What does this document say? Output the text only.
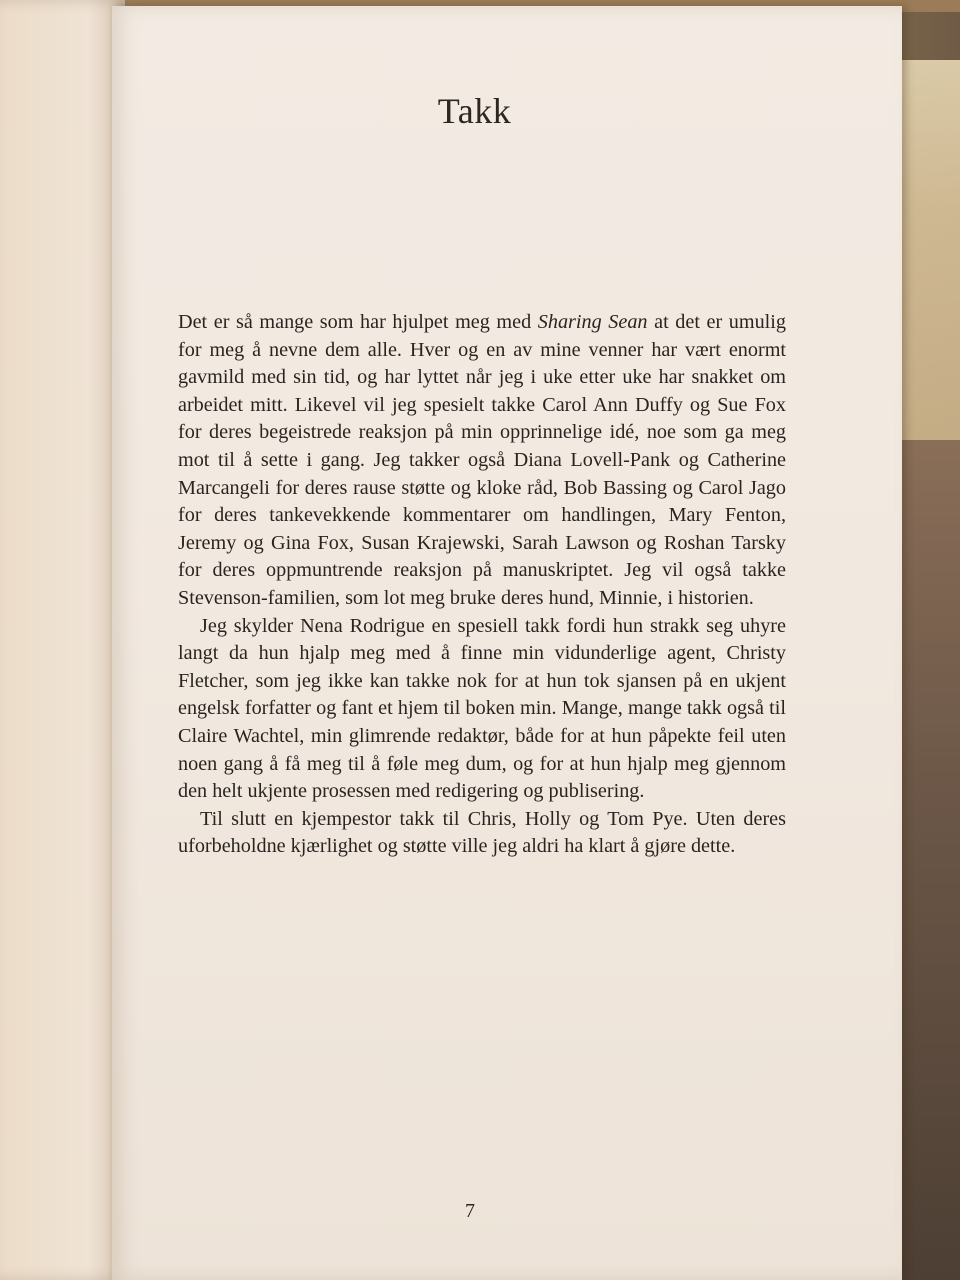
Takk

Det er så mange som har hjulpet meg med Sharing Sean at det er umulig for meg å nevne dem alle. Hver og en av mine venner har vært enormt gavmild med sin tid, og har lyttet når jeg i uke etter uke har snakket om arbeidet mitt. Likevel vil jeg spesielt takke Carol Ann Duffy og Sue Fox for deres begeistrede reaksjon på min opprinnelige idé, noe som ga meg mot til å sette i gang. Jeg takker også Diana Lovell-Pank og Catherine Marcangeli for deres rause støtte og kloke råd, Bob Bassing og Carol Jago for deres tankevekkende kommentarer om handlingen, Mary Fenton, Jeremy og Gina Fox, Susan Krajewski, Sarah Lawson og Roshan Tarsky for deres oppmuntrende reaksjon på manuskriptet. Jeg vil også takke Stevenson-familien, som lot meg bruke deres hund, Minnie, i historien.

Jeg skylder Nena Rodrigue en spesiell takk fordi hun strakk seg uhyre langt da hun hjalp meg med å finne min vidunderlige agent, Christy Fletcher, som jeg ikke kan takke nok for at hun tok sjansen på en ukjent engelsk forfatter og fant et hjem til boken min. Mange, mange takk også til Claire Wachtel, min glimrende redaktør, både for at hun påpekte feil uten noen gang å få meg til å føle meg dum, og for at hun hjalp meg gjennom den helt ukjente prosessen med redigering og publisering.

Til slutt en kjempestor takk til Chris, Holly og Tom Pye. Uten deres uforbeholdne kjærlighet og støtte ville jeg aldri ha klart å gjøre dette.

7
